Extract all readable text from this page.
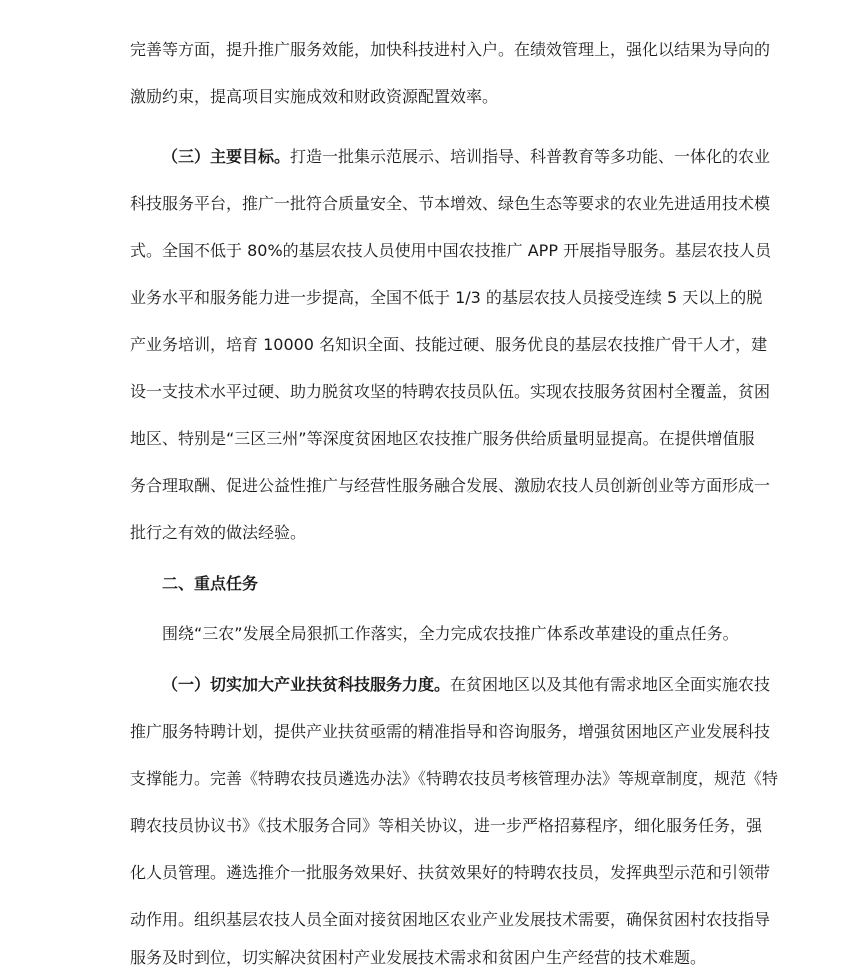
完善等方面，提升推广服务效能，加快科技进村入户。在绩效管理上，强化以结果为导向的
激励约束，提高项目实施成效和财政资源配置效率。
（三）主要目标。打造一批集示范展示、培训指导、科普教育等多功能、一体化的农业
科技服务平台，推广一批符合质量安全、节本增效、绿色生态等要求的农业先进适用技术模
式。全国不低于 80%的基层农技人员使用中国农技推广 APP 开展指导服务。基层农技人员
业务水平和服务能力进一步提高，全国不低于 1/3 的基层农技人员接受连续 5 天以上的脱
产业务培训，培育 10000 名知识全面、技能过硬、服务优良的基层农技推广骨干人才，建
设一支技术水平过硬、助力脱贫攻坚的特聘农技员队伍。实现农技服务贫困村全覆盖，贫困
地区、特别是“三区三州”等深度贫困地区农技推广服务供给质量明显提高。在提供增值服
务合理取酬、促进公益性推广与经营性服务融合发展、激励农技人员创新创业等方面形成一
批行之有效的做法经验。
二、重点任务
围绕“三农”发展全局狠抓工作落实，全力完成农技推广体系改革建设的重点任务。
（一）切实加大产业扶贫科技服务力度。在贫困地区以及其他有需求地区全面实施农技
推广服务特聘计划，提供产业扶贫亟需的精准指导和咨询服务，增强贫困地区产业发展科技
支撑能力。完善《特聘农技员遴选办法》《特聘农技员考核管理办法》等规章制度，规范《特
聘农技员协议书》《技术服务合同》等相关协议，进一步严格招募程序，细化服务任务，强
化人员管理。遴选推介一批服务效果好、扶贫效果好的特聘农技员，发挥典型示范和引领带
动作用。组织基层农技人员全面对接贫困地区农业产业发展技术需要，确保贫困村农技指导
服务及时到位，切实解决贫困村产业发展技术需求和贫困户生产经营的技术难题。
